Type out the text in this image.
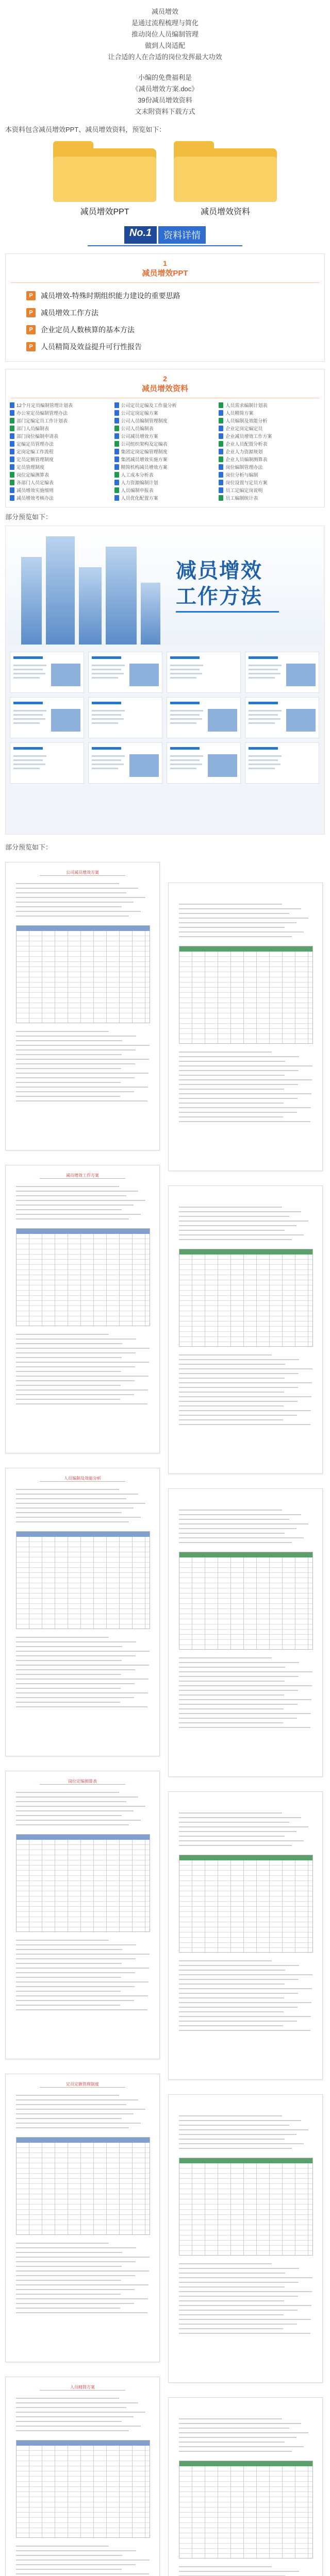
减员增效

是通过流程梳理与简化

推动岗位人员编制管理

做到人岗适配

让合适的人在合适的岗位发挥最大功效

小编的免费福利是

《减员增效方案.doc》

39份减员增效资料

文末附资料下载方式

本资料包含减员增效PPT、减员增效资料，预览如下：

减员增效PPT	减员增效资料
No.1	资料详情
1
减员增效PPT
P	减员增效-特殊时期组织能力建设的重要思路
P	减员增效工作方法
P	企业定员人数核算的基本方法
P	人员精简及效益提升可行性报告
2
减员增效资料
12个月定员编制管理计划表	公司定员定编及工作量分析	人员需求编制计划表
办公室定员编制管理办法	公司定岗定编方案	人员精简方案
部门定编定员工作计划表	公司人员编制管理制度	人员编制及效能分析
部门人员编制表	公司人员编制表	企业定岗定编定员
部门岗位编制申请表	公司减员增效方案	企业减员增效工作方案
定编定员管理办法	公司组织架构及定编表	企业人员配置分析表
定岗定编工作流程	集团定岗定编管理制度	企业人力资源规划
定员定额管理制度	集团减员增效实施方案	企业人员编制测算表
定员管理制度	精简机构减员增效方案	岗位编制管理办法
岗位定编测算表	人工成本分析表	岗位分析与编制
各部门人员定编表	人力资源编制计划	岗位设置与定员方案
减员增效实施细则	人员编制申报表	员工定编定岗说明
减员增效考核办法	人员优化配置方案	员工编制统计表

部分预览如下：

减员增效
工作方法

部分预览如下：

公司减员增效方案
减员增效工作方案
人员编制及效能分析
岗位定编测算表
定员定额管理制度
人员精简方案
